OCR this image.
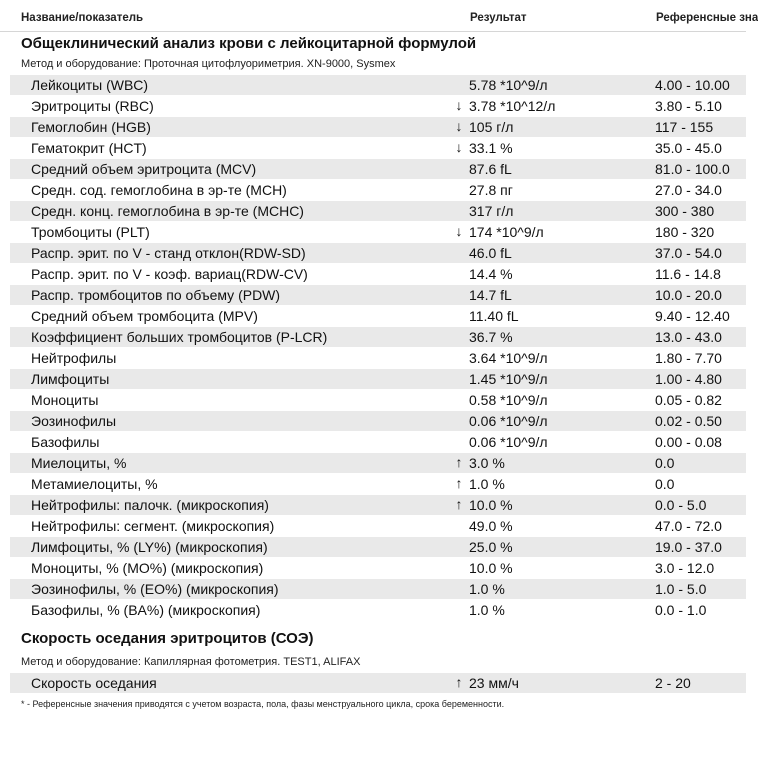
Название/показатель	Результат	Референсные зна
Общеклинический анализ крови с лейкоцитарной формулой
Метод и оборудование: Проточная цитофлуориметрия. XN-9000, Sysmex
Лейкоциты (WBC)	5.78 *10^9/л	4.00 - 10.00
Эритроциты (RBC)	↓ 3.78 *10^12/л	3.80 - 5.10
Гемоглобин (HGB)	↓ 105 г/л	117 - 155
Гематокрит (HCT)	↓ 33.1 %	35.0 - 45.0
Средний объем эритроцита (MCV)	87.6 fL	81.0 - 100.0
Средн. сод. гемоглобина в эр-те (MCH)	27.8 пг	27.0 - 34.0
Средн. конц. гемоглобина в эр-те (MCHC)	317 г/л	300 - 380
Тромбоциты (PLT)	↓ 174 *10^9/л	180 - 320
Распр. эрит. по V - станд отклон(RDW-SD)	46.0 fL	37.0 - 54.0
Распр. эрит. по V - коэф. вариац(RDW-CV)	14.4 %	11.6 - 14.8
Распр. тромбоцитов по объему (PDW)	14.7 fL	10.0 - 20.0
Средний объем тромбоцита (MPV)	11.40 fL	9.40 - 12.40
Коэффициент больших тромбоцитов (P-LCR)	36.7 %	13.0 - 43.0
Нейтрофилы	3.64 *10^9/л	1.80 - 7.70
Лимфоциты	1.45 *10^9/л	1.00 - 4.80
Моноциты	0.58 *10^9/л	0.05 - 0.82
Эозинофилы	0.06 *10^9/л	0.02 - 0.50
Базофилы	0.06 *10^9/л	0.00 - 0.08
Миелоциты, %	↑ 3.0 %	0.0
Метамиелоциты, %	↑ 1.0 %	0.0
Нейтрофилы: палочк. (микроскопия)	↑ 10.0 %	0.0 - 5.0
Нейтрофилы: сегмент. (микроскопия)	49.0 %	47.0 - 72.0
Лимфоциты, % (LY%) (микроскопия)	25.0 %	19.0 - 37.0
Моноциты, % (MO%) (микроскопия)	10.0 %	3.0 - 12.0
Эозинофилы, % (EO%) (микроскопия)	1.0 %	1.0 - 5.0
Базофилы, % (BA%) (микроскопия)	1.0 %	0.0 - 1.0
Скорость оседания эритроцитов (СОЭ)
Метод и оборудование: Капиллярная фотометрия. TEST1, ALIFAX
Скорость оседания	↑ 23 мм/ч	2 - 20
* - Референсные значения приводятся с учетом возраста, пола, фазы менструального цикла, срока беременности.
